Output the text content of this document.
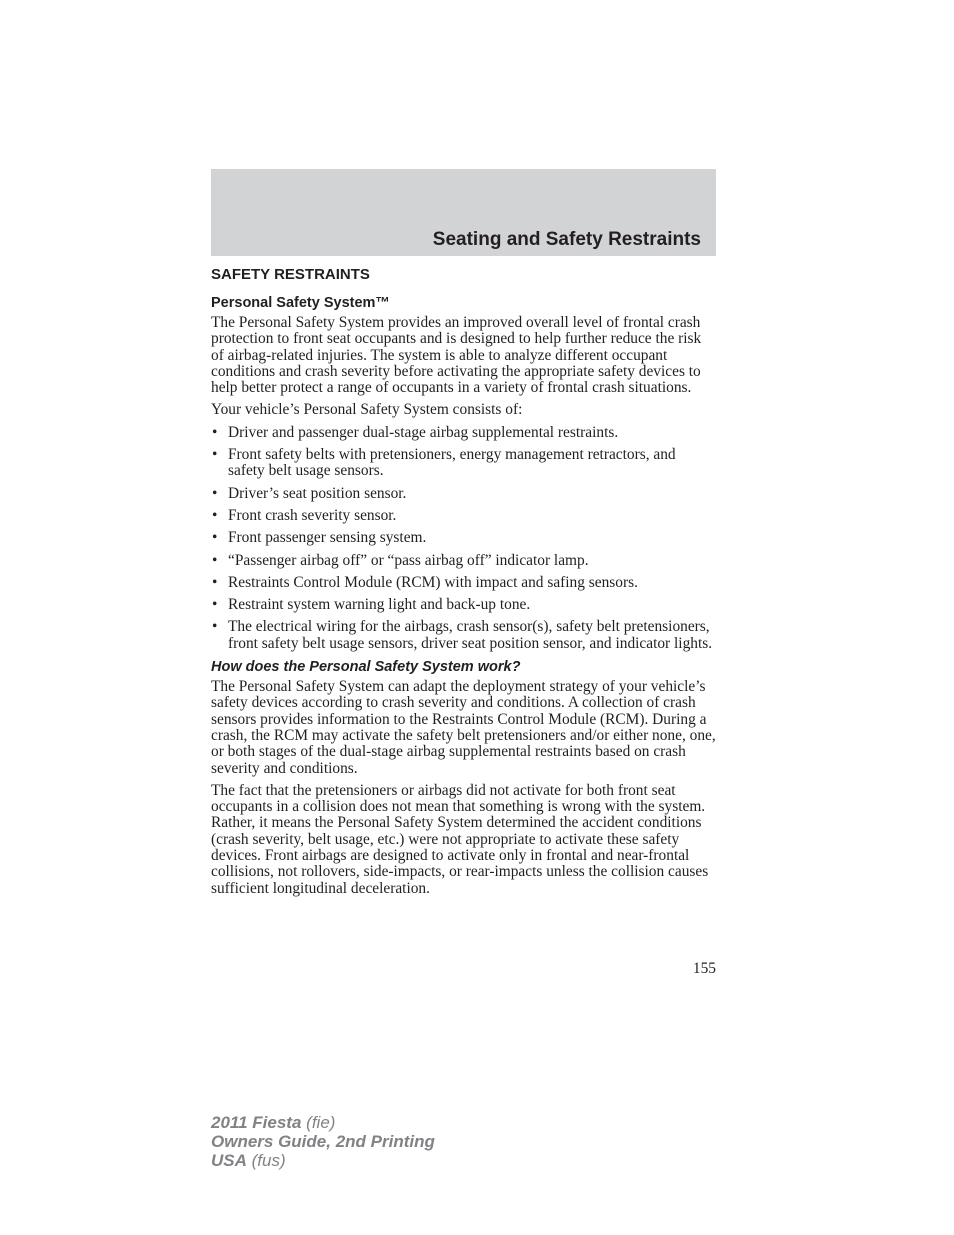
Seating and Safety Restraints
SAFETY RESTRAINTS
Personal Safety System™

The Personal Safety System provides an improved overall level of frontal crash protection to front seat occupants and is designed to help further reduce the risk of airbag-related injuries. The system is able to analyze different occupant conditions and crash severity before activating the appropriate safety devices to help better protect a range of occupants in a variety of frontal crash situations.

Your vehicle’s Personal Safety System consists of:

• Driver and passenger dual-stage airbag supplemental restraints.
• Front safety belts with pretensioners, energy management retractors, and safety belt usage sensors.
• Driver’s seat position sensor.
• Front crash severity sensor.
• Front passenger sensing system.
• “Passenger airbag off” or “pass airbag off” indicator lamp.
• Restraints Control Module (RCM) with impact and safing sensors.
• Restraint system warning light and back-up tone.
• The electrical wiring for the airbags, crash sensor(s), safety belt pretensioners, front safety belt usage sensors, driver seat position sensor, and indicator lights.
How does the Personal Safety System work?

The Personal Safety System can adapt the deployment strategy of your vehicle’s safety devices according to crash severity and conditions. A collection of crash sensors provides information to the Restraints Control Module (RCM). During a crash, the RCM may activate the safety belt pretensioners and/or either none, one, or both stages of the dual-stage airbag supplemental restraints based on crash severity and conditions.

The fact that the pretensioners or airbags did not activate for both front seat occupants in a collision does not mean that something is wrong with the system. Rather, it means the Personal Safety System determined the accident conditions (crash severity, belt usage, etc.) were not appropriate to activate these safety devices. Front airbags are designed to activate only in frontal and near-frontal collisions, not rollovers, side-impacts, or rear-impacts unless the collision causes sufficient longitudinal deceleration.

155
2011 Fiesta (fie)
Owners Guide, 2nd Printing
USA (fus)
